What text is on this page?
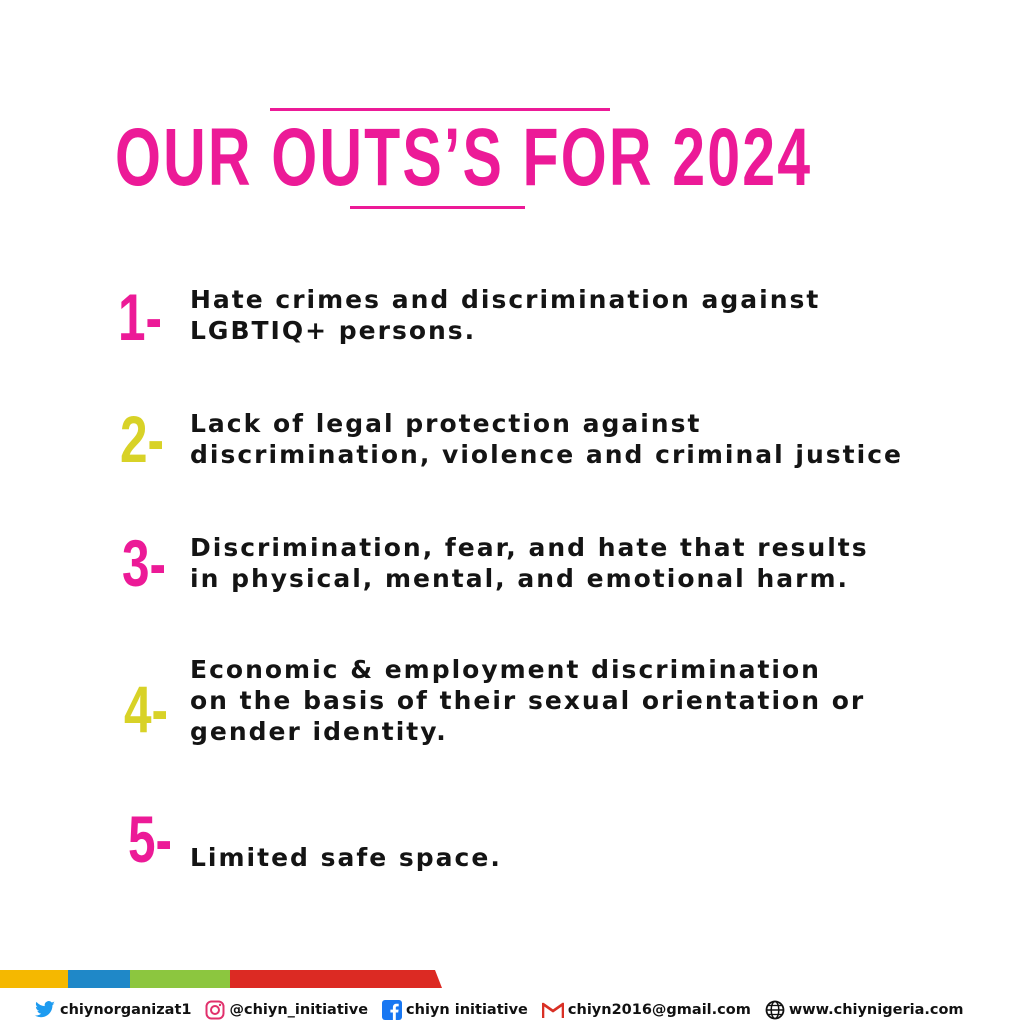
OUR OUTS’S FOR 2024
1- Hate crimes and discrimination against
LGBTIQ+ persons.

2- Lack of legal protection against
discrimination, violence and criminal justice

3- Discrimination, fear, and hate that results
in physical, mental, and emotional harm.

4-

Economic & employment discrimination
on the basis of their sexual orientation or
gender identity.

5- Limited safe space.

chiynorganizat1	@chiyn_initiative	chiyn initiative	chiyn2016@gmail.com	www.chiynigeria.com
